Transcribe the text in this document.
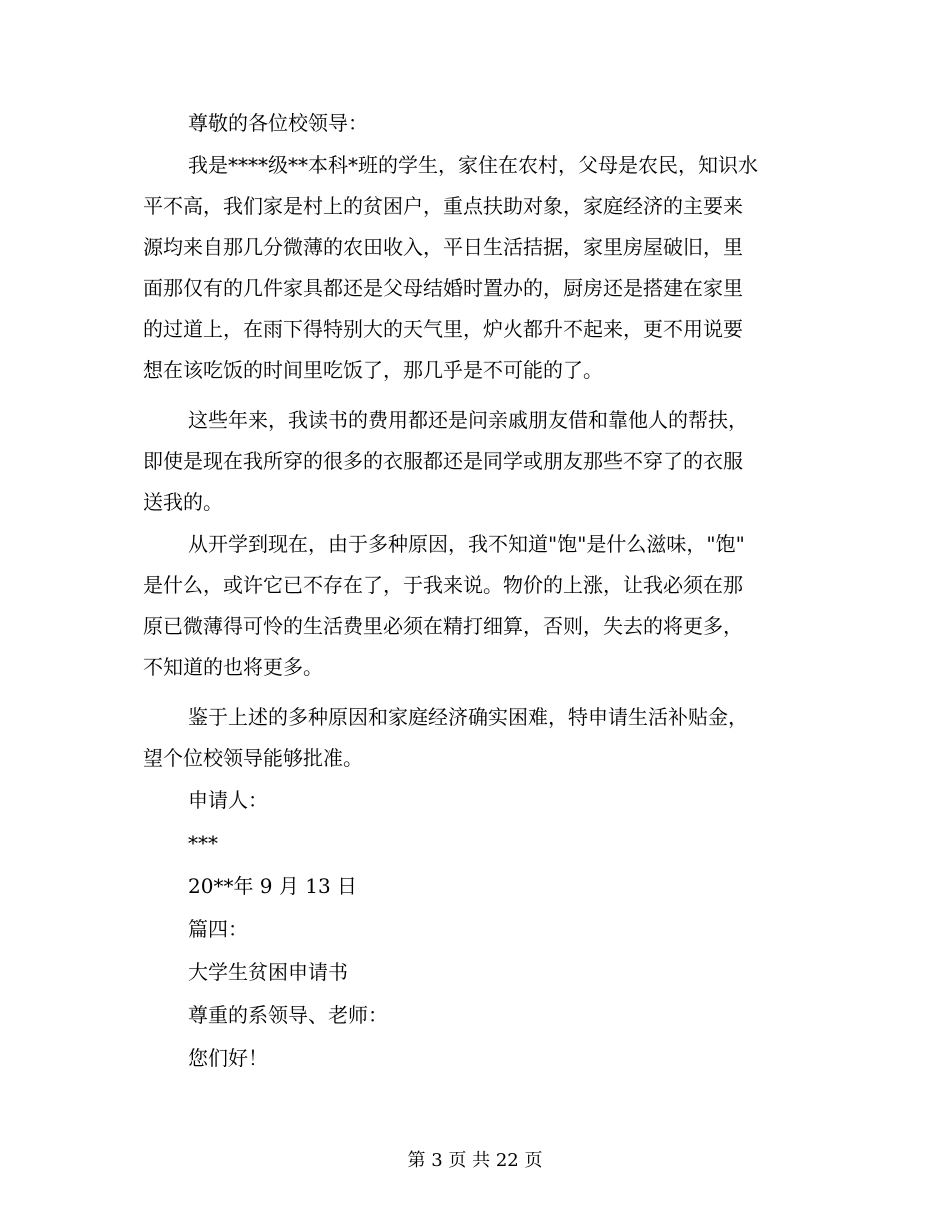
尊敬的各位校领导：
我是****级**本科*班的学生，家住在农村，父母是农民，知识水
平不高，我们家是村上的贫困户，重点扶助对象，家庭经济的主要来
源均来自那几分微薄的农田收入，平日生活拮据，家里房屋破旧，里
面那仅有的几件家具都还是父母结婚时置办的，厨房还是搭建在家里
的过道上，在雨下得特别大的天气里，炉火都升不起来，更不用说要
想在该吃饭的时间里吃饭了，那几乎是不可能的了。
这些年来，我读书的费用都还是问亲戚朋友借和靠他人的帮扶，
即使是现在我所穿的很多的衣服都还是同学或朋友那些不穿了的衣服
送我的。
从开学到现在，由于多种原因，我不知道"饱"是什么滋味，"饱"
是什么，或许它已不存在了，于我来说。物价的上涨，让我必须在那
原已微薄得可怜的生活费里必须在精打细算，否则，失去的将更多，
不知道的也将更多。
鉴于上述的多种原因和家庭经济确实困难，特申请生活补贴金，
望个位校领导能够批准。
申请人：
***
20**年 9 月 13 日
篇四：
大学生贫困申请书
尊重的系领导、老师：
您们好！
第 3 页 共 22 页
